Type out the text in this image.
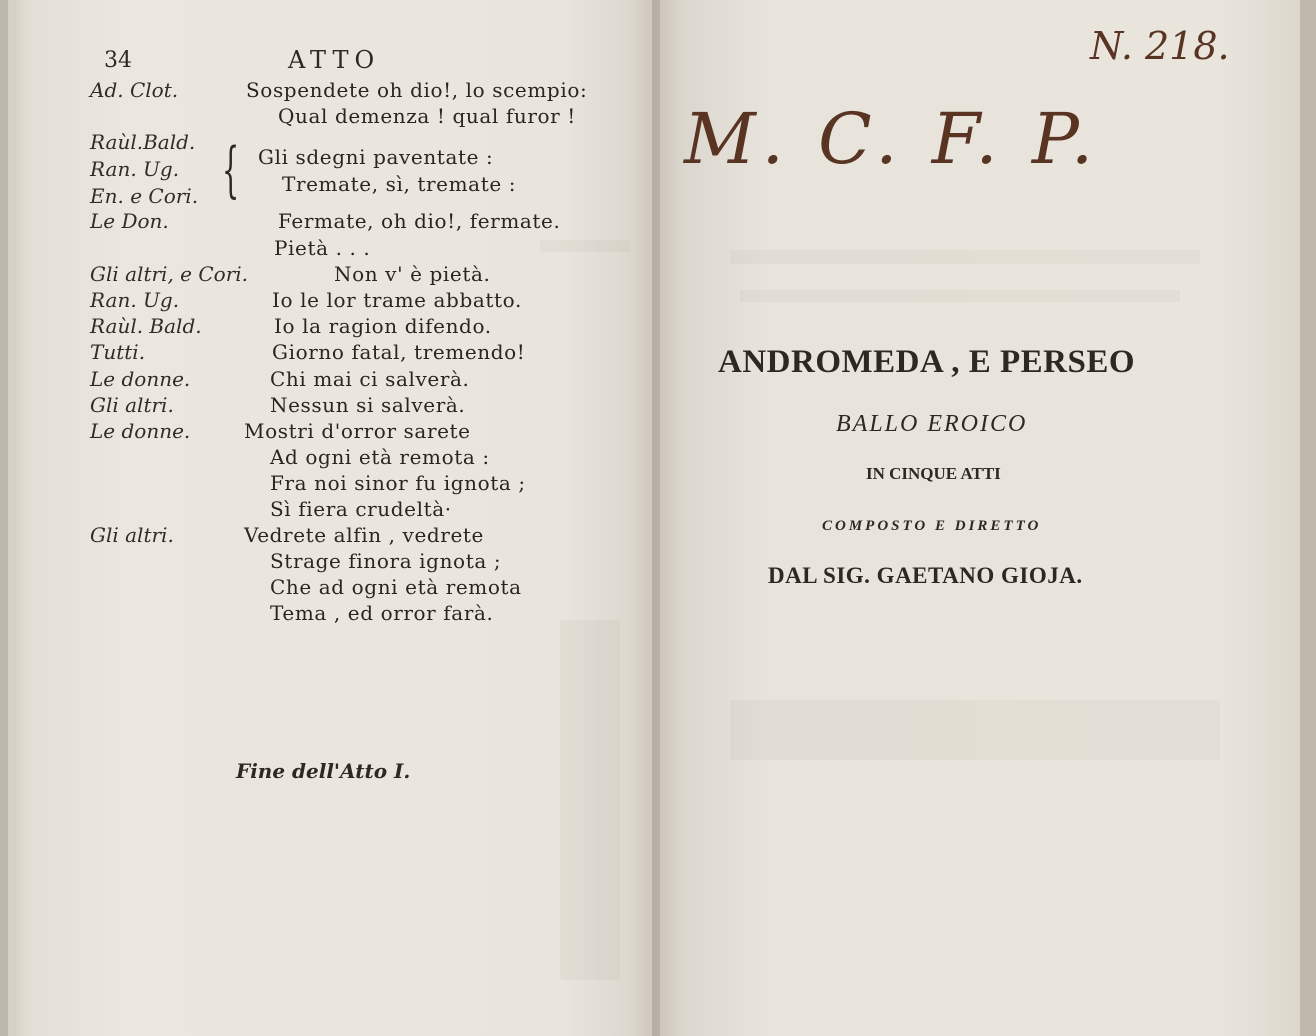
34	ATTO
Ad. Clot.	Sospendete oh dio!, lo scempio:
Qual demenza ! qual furor !
Raùl.Bald.
Ran. Ug.
En. e Cori. { Gli sdegni paventate :
Tremate, sì, tremate :
Le Don.	Fermate, oh dio!, fermate.
Pietà . . .
Gli altri, e Cori.	Non v' è pietà.
Ran. Ug.	Io le lor trame abbatto.
Raùl. Bald.	Io la ragion difendo.
Tutti.	Giorno fatal, tremendo!
Le donne.	Chi mai ci salverà.
Gli altri.	Nessun si salverà.
Le donne.	Mostri d'orror sarete
Ad ogni età remota :
Fra noi sinor fu ignota ;
Sì fiera crudeltà·
Gli altri.	Vedrete alfin , vedrete
Strage finora ignota ;
Che ad ogni età remota
Tema , ed orror farà.
Fine dell'Atto I.
N. 218.
M. C. F. P.
ANDROMEDA , E PERSEO
BALLO EROICO
IN CINQUE ATTI
COMPOSTO E DIRETTO
DAL SIG. GAETANO GIOJA.
